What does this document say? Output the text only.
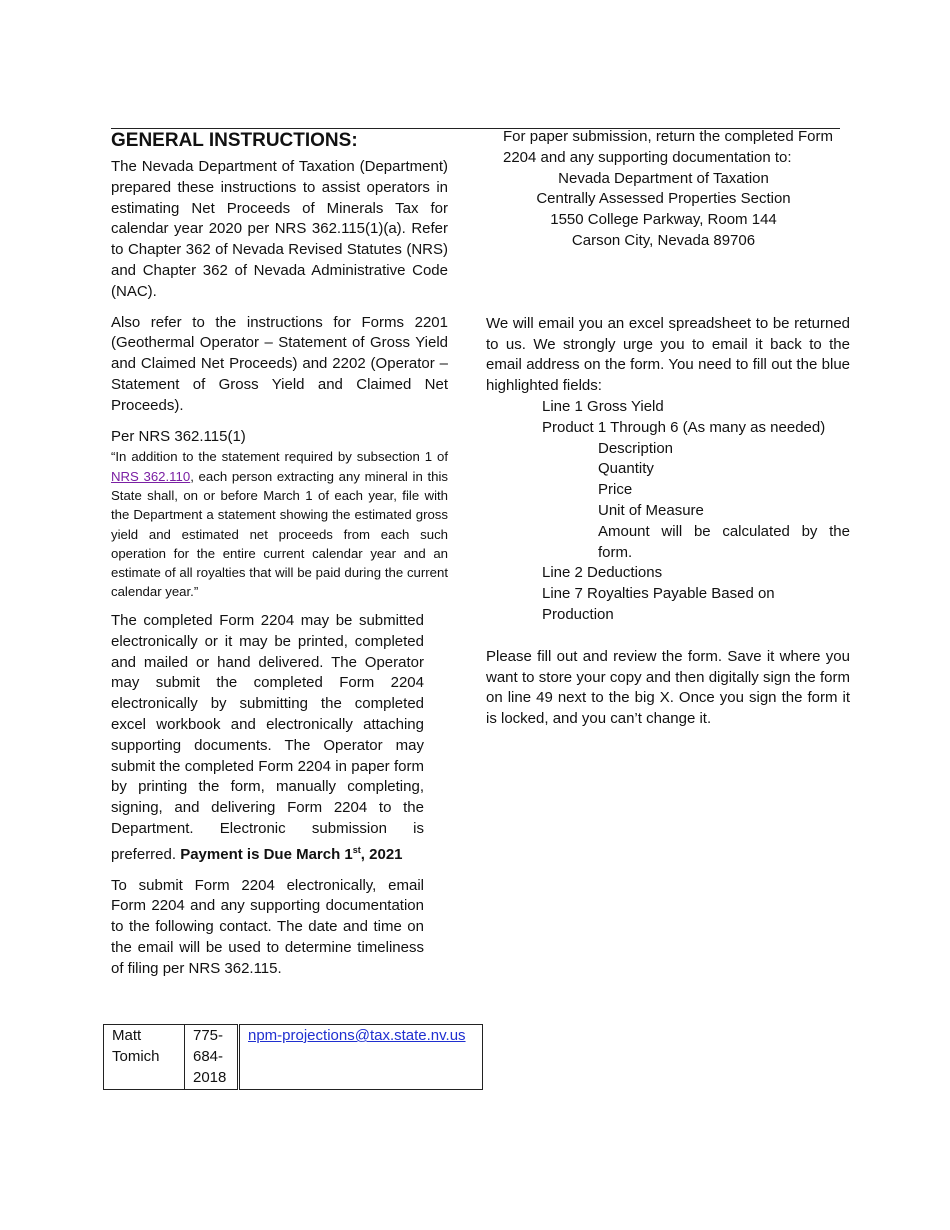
GENERAL INSTRUCTIONS:

The Nevada Department of Taxation (Department) prepared these instructions to assist operators in estimating Net Proceeds of Minerals Tax for calendar year 2020 per NRS 362.115(1)(a). Refer to Chapter 362 of Nevada Revised Statutes (NRS) and Chapter 362 of Nevada Administrative Code (NAC).

Also refer to the instructions for Forms 2201 (Geothermal Operator – Statement of Gross Yield and Claimed Net Proceeds) and 2202 (Operator – Statement of Gross Yield and Claimed Net Proceeds).

Per NRS 362.115(1)

“In addition to the statement required by subsection 1 of NRS 362.110, each person extracting any mineral in this State shall, on or before March 1 of each year, file with the Department a statement showing the estimated gross yield and estimated net proceeds from each such operation for the entire current calendar year and an estimate of all royalties that will be paid during the current calendar year.”

The completed Form 2204 may be submitted electronically or it may be printed, completed and mailed or hand delivered. The Operator may submit the completed Form 2204 electronically by submitting the completed excel workbook and electronically attaching supporting documents. The Operator may submit the completed Form 2204 in paper form by printing the form, manually completing, signing, and delivering Form 2204 to the Department. Electronic submission is preferred. Payment is Due March 1st, 2021

To submit Form 2204 electronically, email Form 2204 and any supporting documentation to the following contact. The date and time on the email will be used to determine timeliness of filing per NRS 362.115.

Matt Tomich	775-684-2018	npm-projections@tax.state.nv.us

For paper submission, return the completed Form 2204 and any supporting documentation to:

Nevada Department of Taxation

Centrally Assessed Properties Section

1550 College Parkway, Room 144

Carson City, Nevada 89706

We will email you an excel spreadsheet to be returned to us. We strongly urge you to email it back to the email address on the form. You need to fill out the blue highlighted fields:

Line 1 Gross Yield

Product 1 Through 6 (As many as needed)

Description

Quantity

Price

Unit of Measure

Amount will be calculated by the form.

Line 2 Deductions

Line 7 Royalties Payable Based on Production

Please fill out and review the form. Save it where you want to store your copy and then digitally sign the form on line 49 next to the big X. Once you sign the form it is locked, and you can’t change it.
